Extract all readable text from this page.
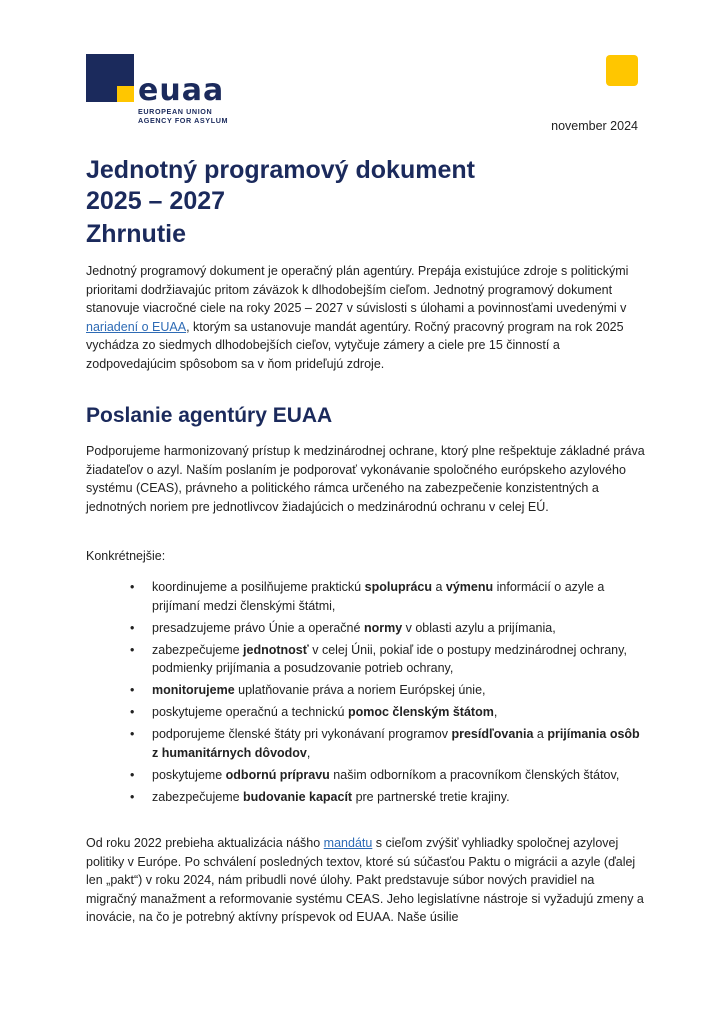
euaa
EUROPEAN UNION
AGENCY FOR ASYLUM	november 2024
Jednotný programový dokument
2025 – 2027
Zhrnutie

Jednotný programový dokument je operačný plán agentúry. Prepája existujúce zdroje s politickými prioritami dodržiavajúc pritom záväzok k dlhodobejším cieľom. Jednotný programový dokument stanovuje viacročné ciele na roky 2025 – 2027 v súvislosti s úlohami a povinnosťami uvedenými v nariadení o EUAA, ktorým sa ustanovuje mandát agentúry. Ročný pracovný program na rok 2025 vychádza zo siedmych dlhodobejších cieľov, vytyčuje zámery a ciele pre 15 činností a zodpovedajúcim spôsobom sa v ňom prideľujú zdroje.

Poslanie agentúry EUAA

Podporujeme harmonizovaný prístup k medzinárodnej ochrane, ktorý plne rešpektuje základné práva žiadateľov o azyl. Naším poslaním je podporovať vykonávanie spoločného európskeho azylového systému (CEAS), právneho a politického rámca určeného na zabezpečenie konzistentných a jednotných noriem pre jednotlivcov žiadajúcich o medzinárodnú ochranu v celej EÚ.

Konkrétnejšie:

• koordinujeme a posilňujeme praktickú spoluprácu a výmenu informácií o azyle a prijímaní medzi členskými štátmi,
• presadzujeme právo Únie a operačné normy v oblasti azylu a prijímania,
• zabezpečujeme jednotnosť v celej Únii, pokiaľ ide o postupy medzinárodnej ochrany, podmienky prijímania a posudzovanie potrieb ochrany,
• monitorujeme uplatňovanie práva a noriem Európskej únie,
• poskytujeme operačnú a technickú pomoc členským štátom,
• podporujeme členské štáty pri vykonávaní programov presídľovania a prijímania osôb z humanitárnych dôvodov,
• poskytujeme odbornú prípravu našim odborníkom a pracovníkom členských štátov,
• zabezpečujeme budovanie kapacít pre partnerské tretie krajiny.

Od roku 2022 prebieha aktualizácia nášho mandátu s cieľom zvýšiť vyhliadky spoločnej azylovej politiky v Európe. Po schválení posledných textov, ktoré sú súčasťou Paktu o migrácii a azyle (ďalej len „pakt“) v roku 2024, nám pribudli nové úlohy. Pakt predstavuje súbor nových pravidiel na migračný manažment a reformovanie systému CEAS. Jeho legislatívne nástroje si vyžadujú zmeny a inovácie, na čo je potrebný aktívny príspevok od EUAA. Naše úsilie
